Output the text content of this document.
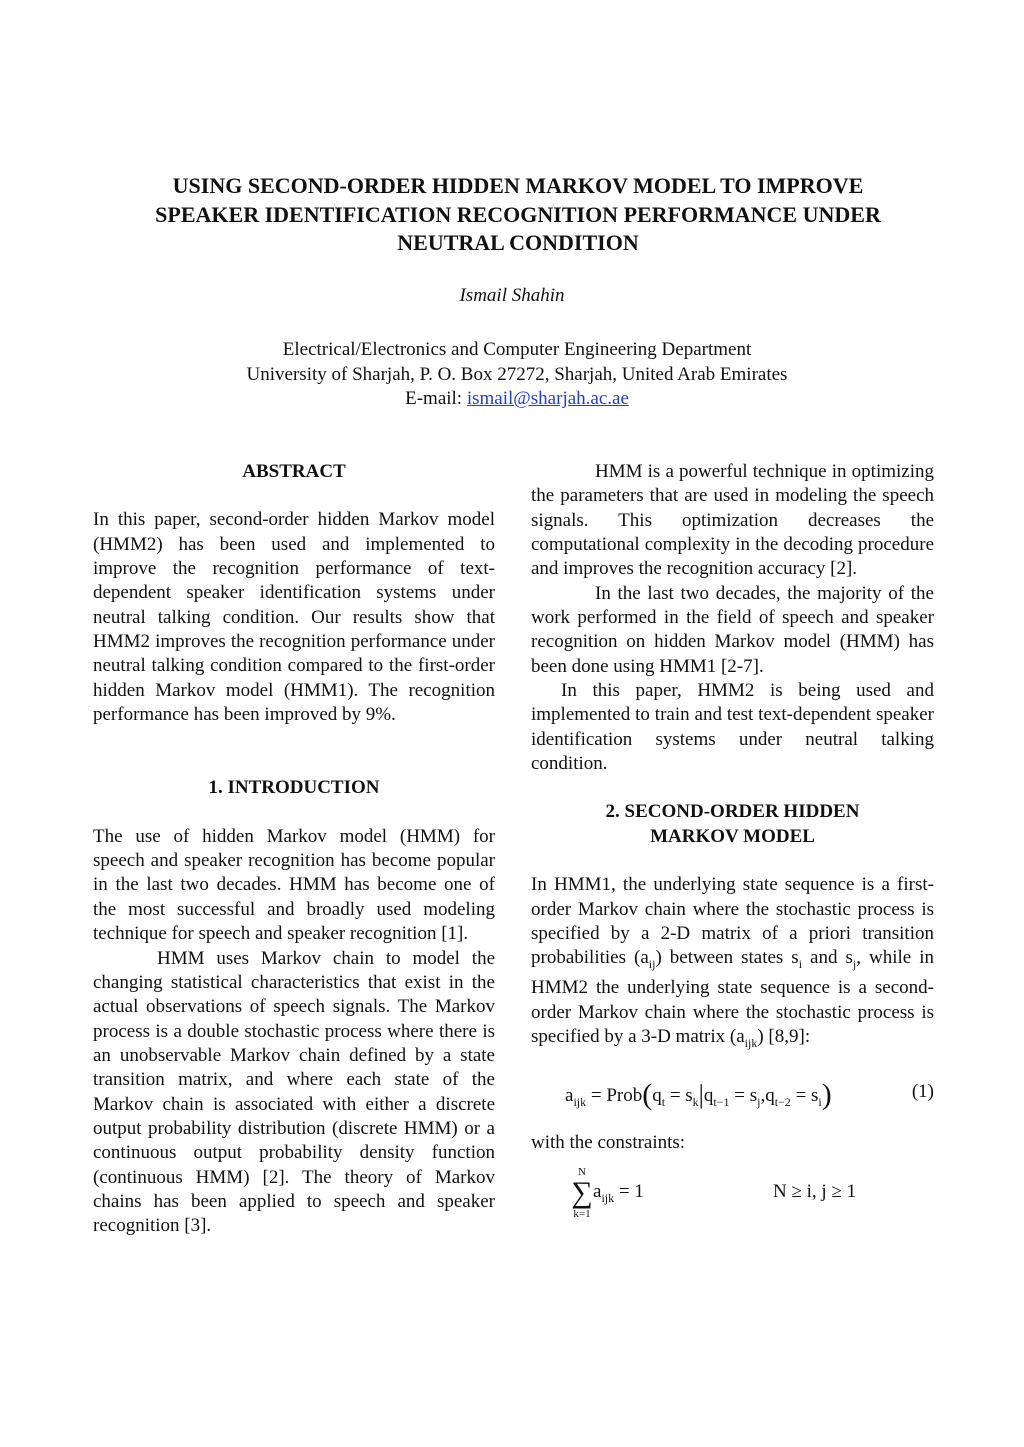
USING SECOND-ORDER HIDDEN MARKOV MODEL TO IMPROVE
SPEAKER IDENTIFICATION RECOGNITION PERFORMANCE UNDER
NEUTRAL CONDITION
Ismail Shahin
Electrical/Electronics and Computer Engineering Department
University of Sharjah, P. O. Box 27272, Sharjah, United Arab Emirates
E-mail: ismail@sharjah.ac.ae
ABSTRACT

In this paper, second-order hidden Markov model (HMM2) has been used and implemented to improve the recognition performance of text-dependent speaker identification systems under neutral talking condition. Our results show that HMM2 improves the recognition performance under neutral talking condition compared to the first-order hidden Markov model (HMM1). The recognition performance has been improved by 9%.

1. INTRODUCTION

The use of hidden Markov model (HMM) for speech and speaker recognition has become popular in the last two decades. HMM has become one of the most successful and broadly used modeling technique for speech and speaker recognition [1].

HMM uses Markov chain to model the changing statistical characteristics that exist in the actual observations of speech signals. The Markov process is a double stochastic process where there is an unobservable Markov chain defined by a state transition matrix, and where each state of the Markov chain is associated with either a discrete output probability distribution (discrete HMM) or a continuous output probability density function (continuous HMM) [2]. The theory of Markov chains has been applied to speech and speaker recognition [3].

HMM is a powerful technique in optimizing the parameters that are used in modeling the speech signals. This optimization decreases the computational complexity in the decoding procedure and improves the recognition accuracy [2].

In the last two decades, the majority of the work performed in the field of speech and speaker recognition on hidden Markov model (HMM) has been done using HMM1 [2-7].

In this paper, HMM2 is being used and implemented to train and test text-dependent speaker identification systems under neutral talking condition.

2. SECOND-ORDER HIDDEN
MARKOV MODEL

In HMM1, the underlying state sequence is a first-order Markov chain where the stochastic process is specified by a 2-D matrix of a priori transition probabilities $(a_{ij})$ between states $s_i$ and $s_j$, while in HMM2 the underlying state sequence is a second-order Markov chain where the stochastic process is specified by a 3-D matrix $(a_{ijk})$ [8,9]:

$a_{ijk}$ = $Prob(q_t = s_k|q_{t-1} = s_j,q_{t-2} = s_i)$	(1)

with the constraints:

N
∑
k=1
$a_{ijk} = 1$	N ≥ i, j ≥ 1
